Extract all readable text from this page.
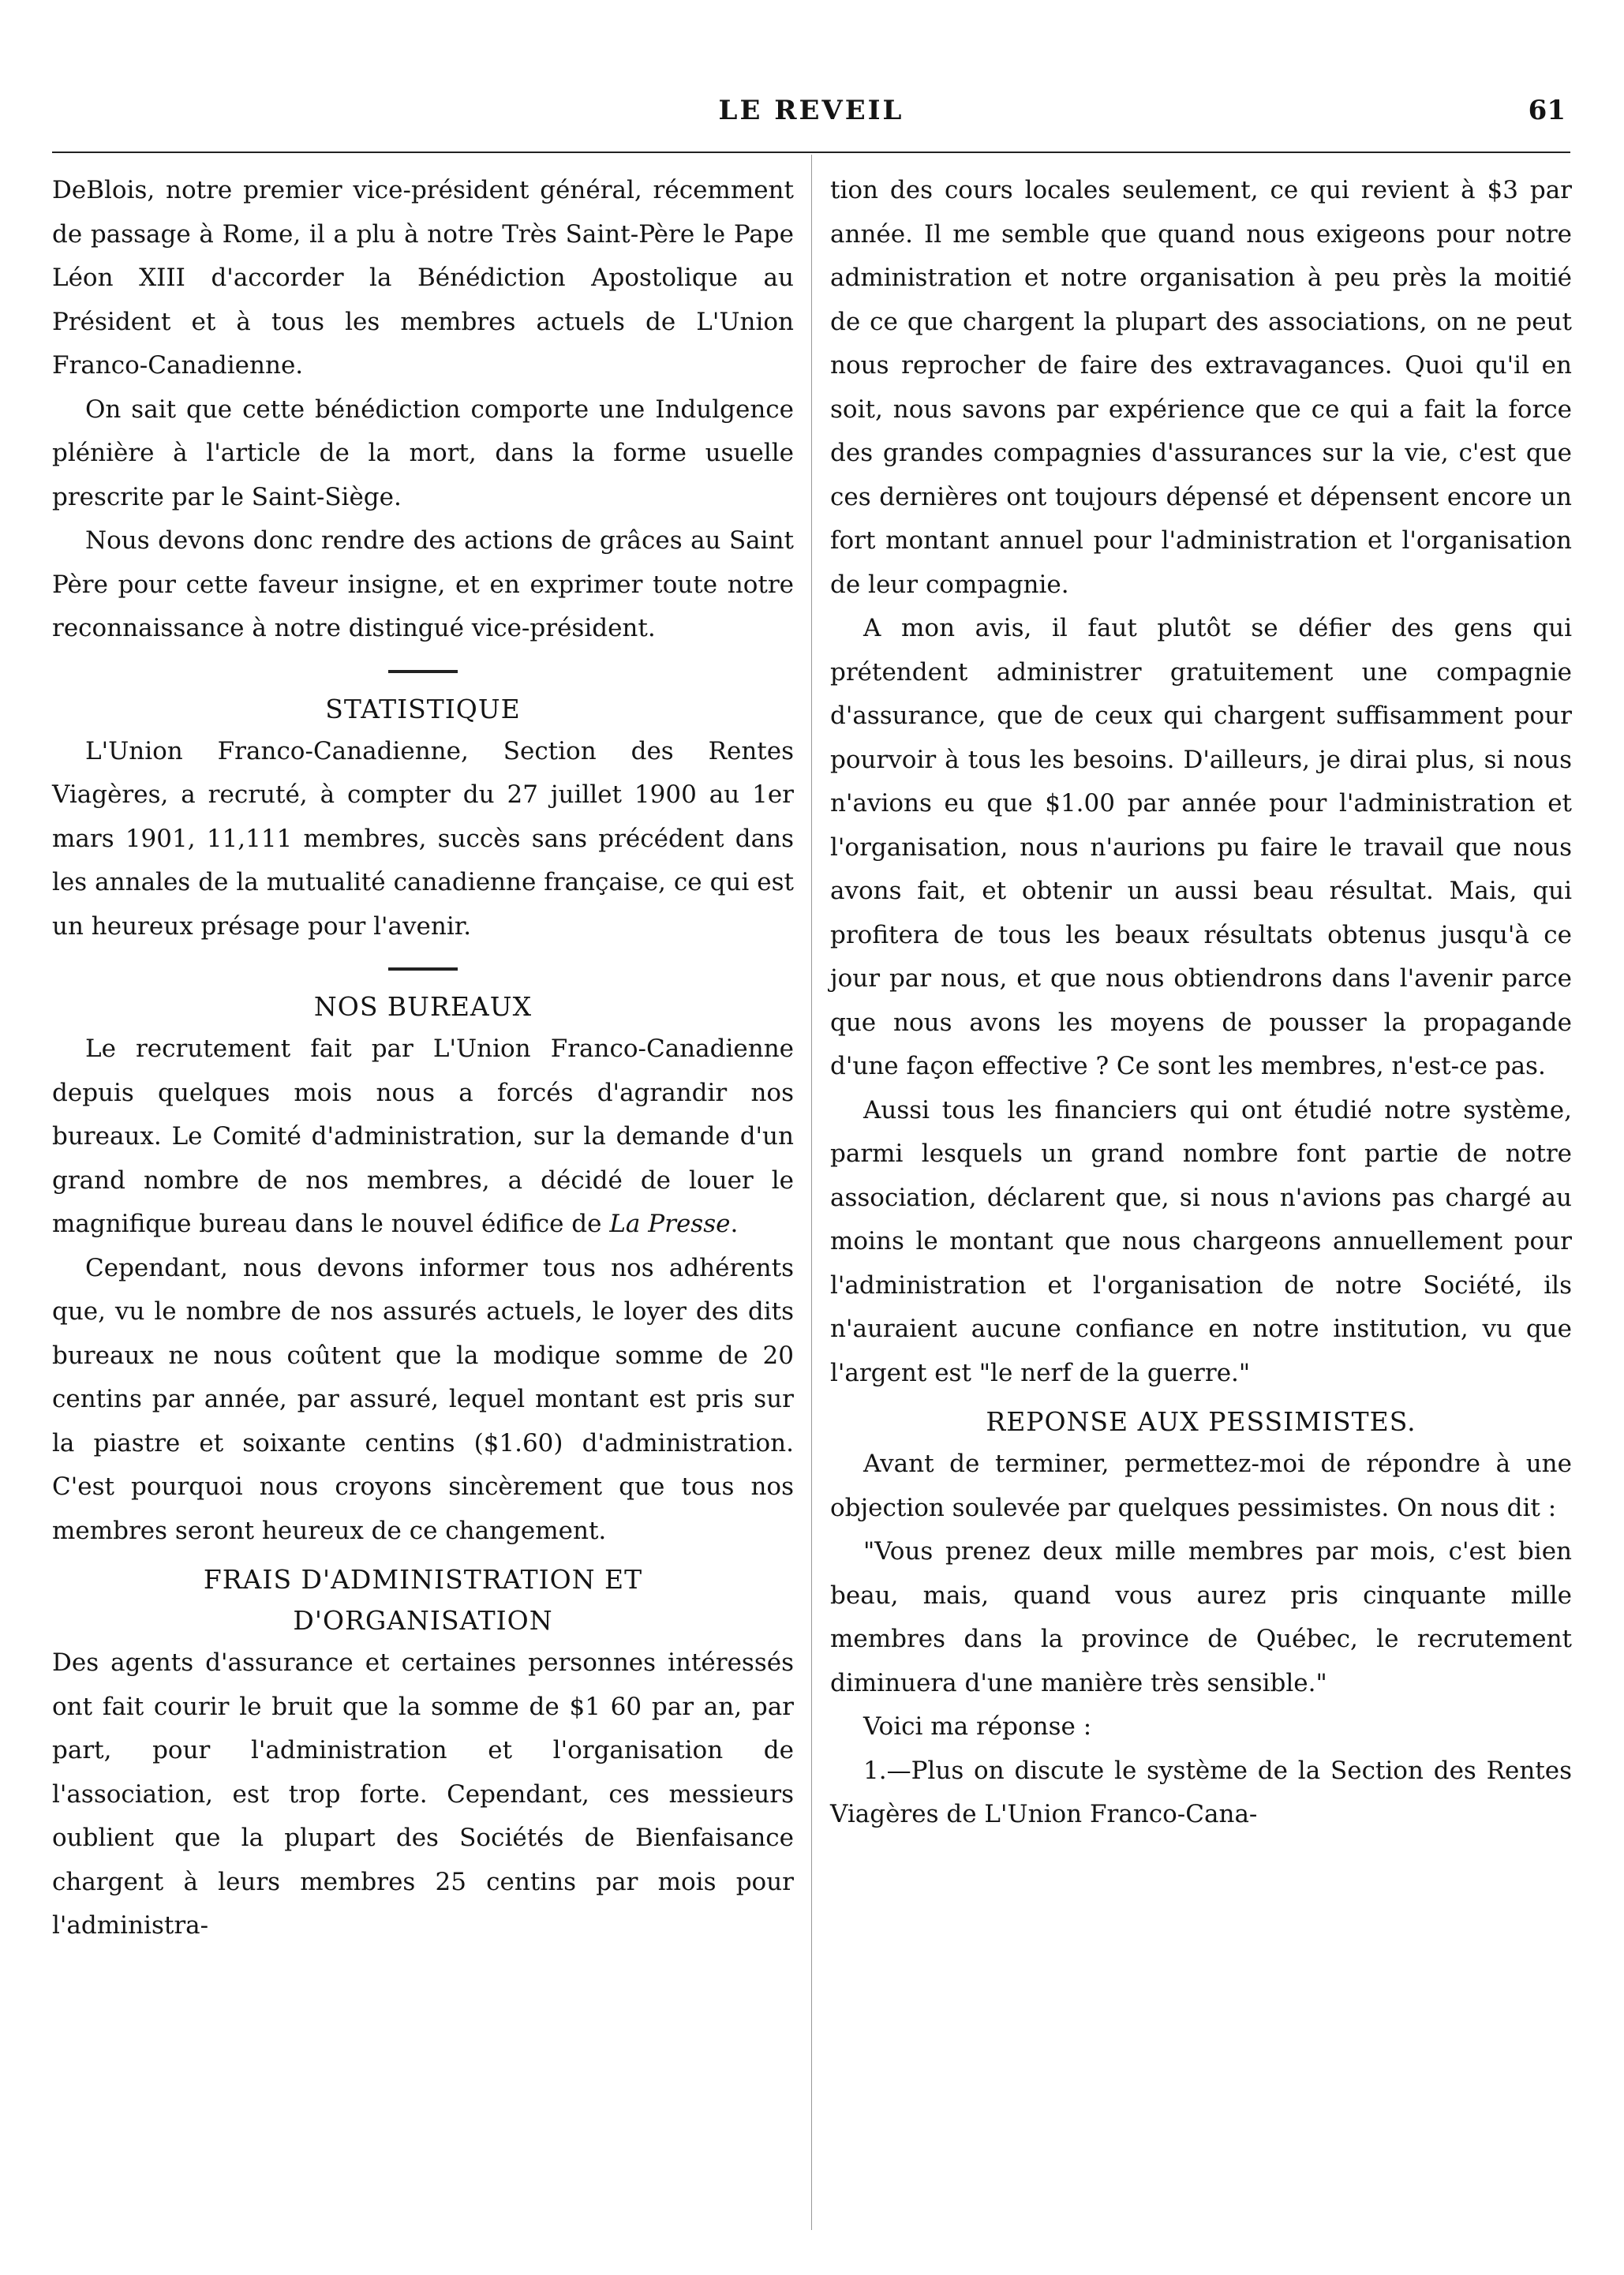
LE REVEIL	61

DeBlois, notre premier vice-président général, récemment de passage à Rome, il a plu à notre Très Saint-Père le Pape Léon XIII d'accorder la Bénédiction Apostolique au Président et à tous les membres actuels de L'Union Franco-Canadienne.

On sait que cette bénédiction comporte une Indulgence plénière à l'article de la mort, dans la forme usuelle prescrite par le Saint-Siège.

Nous devons donc rendre des actions de grâces au Saint Père pour cette faveur insigne, et en exprimer toute notre reconnaissance à notre distingué vice-président.

STATISTIQUE

L'Union Franco-Canadienne, Section des Rentes Viagères, a recruté, à compter du 27 juillet 1900 au 1er mars 1901, 11,111 membres, succès sans précédent dans les annales de la mutualité canadienne française, ce qui est un heureux présage pour l'avenir.

NOS BUREAUX

Le recrutement fait par L'Union Franco-Canadienne depuis quelques mois nous a forcés d'agrandir nos bureaux. Le Comité d'administration, sur la demande d'un grand nombre de nos membres, a décidé de louer le magnifique bureau dans le nouvel édifice de La Presse.

Cependant, nous devons informer tous nos adhérents que, vu le nombre de nos assurés actuels, le loyer des dits bureaux ne nous coûtent que la modique somme de 20 centins par année, par assuré, lequel montant est pris sur la piastre et soixante centins ($1.60) d'administration. C'est pourquoi nous croyons sincèrement que tous nos membres seront heureux de ce changement.

FRAIS D'ADMINISTRATION ET
D'ORGANISATION

Des agents d'assurance et certaines personnes intéressés ont fait courir le bruit que la somme de $1 60 par an, par part, pour l'administration et l'organisation de l'association, est trop forte. Cependant, ces messieurs oublient que la plupart des Sociétés de Bienfaisance chargent à leurs membres 25 centins par mois pour l'administra-

tion des cours locales seulement, ce qui revient à $3 par année. Il me semble que quand nous exigeons pour notre administration et notre organisation à peu près la moitié de ce que chargent la plupart des associations, on ne peut nous reprocher de faire des extravagances. Quoi qu'il en soit, nous savons par expérience que ce qui a fait la force des grandes compagnies d'assurances sur la vie, c'est que ces dernières ont toujours dépensé et dépensent encore un fort montant annuel pour l'administration et l'organisation de leur compagnie.

A mon avis, il faut plutôt se défier des gens qui prétendent administrer gratuitement une compagnie d'assurance, que de ceux qui chargent suffisamment pour pourvoir à tous les besoins. D'ailleurs, je dirai plus, si nous n'avions eu que $1.00 par année pour l'administration et l'organisation, nous n'aurions pu faire le travail que nous avons fait, et obtenir un aussi beau résultat. Mais, qui profitera de tous les beaux résultats obtenus jusqu'à ce jour par nous, et que nous obtiendrons dans l'avenir parce que nous avons les moyens de pousser la propagande d'une façon effective ? Ce sont les membres, n'est-ce pas.

Aussi tous les financiers qui ont étudié notre système, parmi lesquels un grand nombre font partie de notre association, déclarent que, si nous n'avions pas chargé au moins le montant que nous chargeons annuellement pour l'administration et l'organisation de notre Société, ils n'auraient aucune confiance en notre institution, vu que l'argent est "le nerf de la guerre."

REPONSE AUX PESSIMISTES.

Avant de terminer, permettez-moi de répondre à une objection soulevée par quelques pessimistes. On nous dit :

"Vous prenez deux mille membres par mois, c'est bien beau, mais, quand vous aurez pris cinquante mille membres dans la province de Québec, le recrutement diminuera d'une manière très sensible."

Voici ma réponse :

1.—Plus on discute le système de la Section des Rentes Viagères de L'Union Franco-Cana-
